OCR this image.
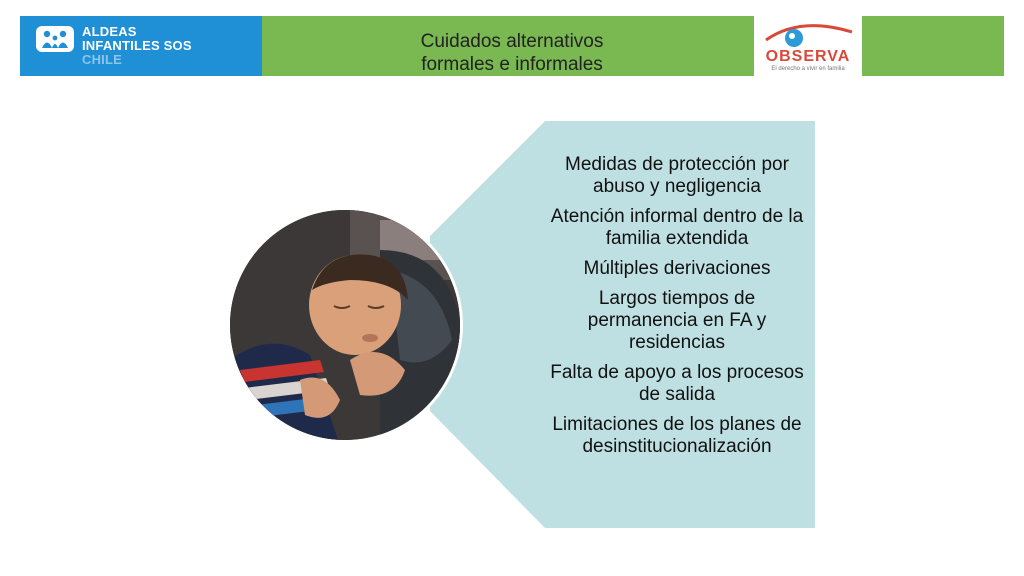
ALDEAS
INFANTILES SOS
CHILE
Cuidados alternativos
formales e informales	OBSERVA
El derecho a vivir en familia
Medidas de protección por abuso y negligencia
Atención informal dentro de la familia extendida
Múltiples derivaciones
Largos tiempos de permanencia en FA y residencias
Falta de apoyo a los procesos de salida
Limitaciones de los planes de desinstitucionalización
